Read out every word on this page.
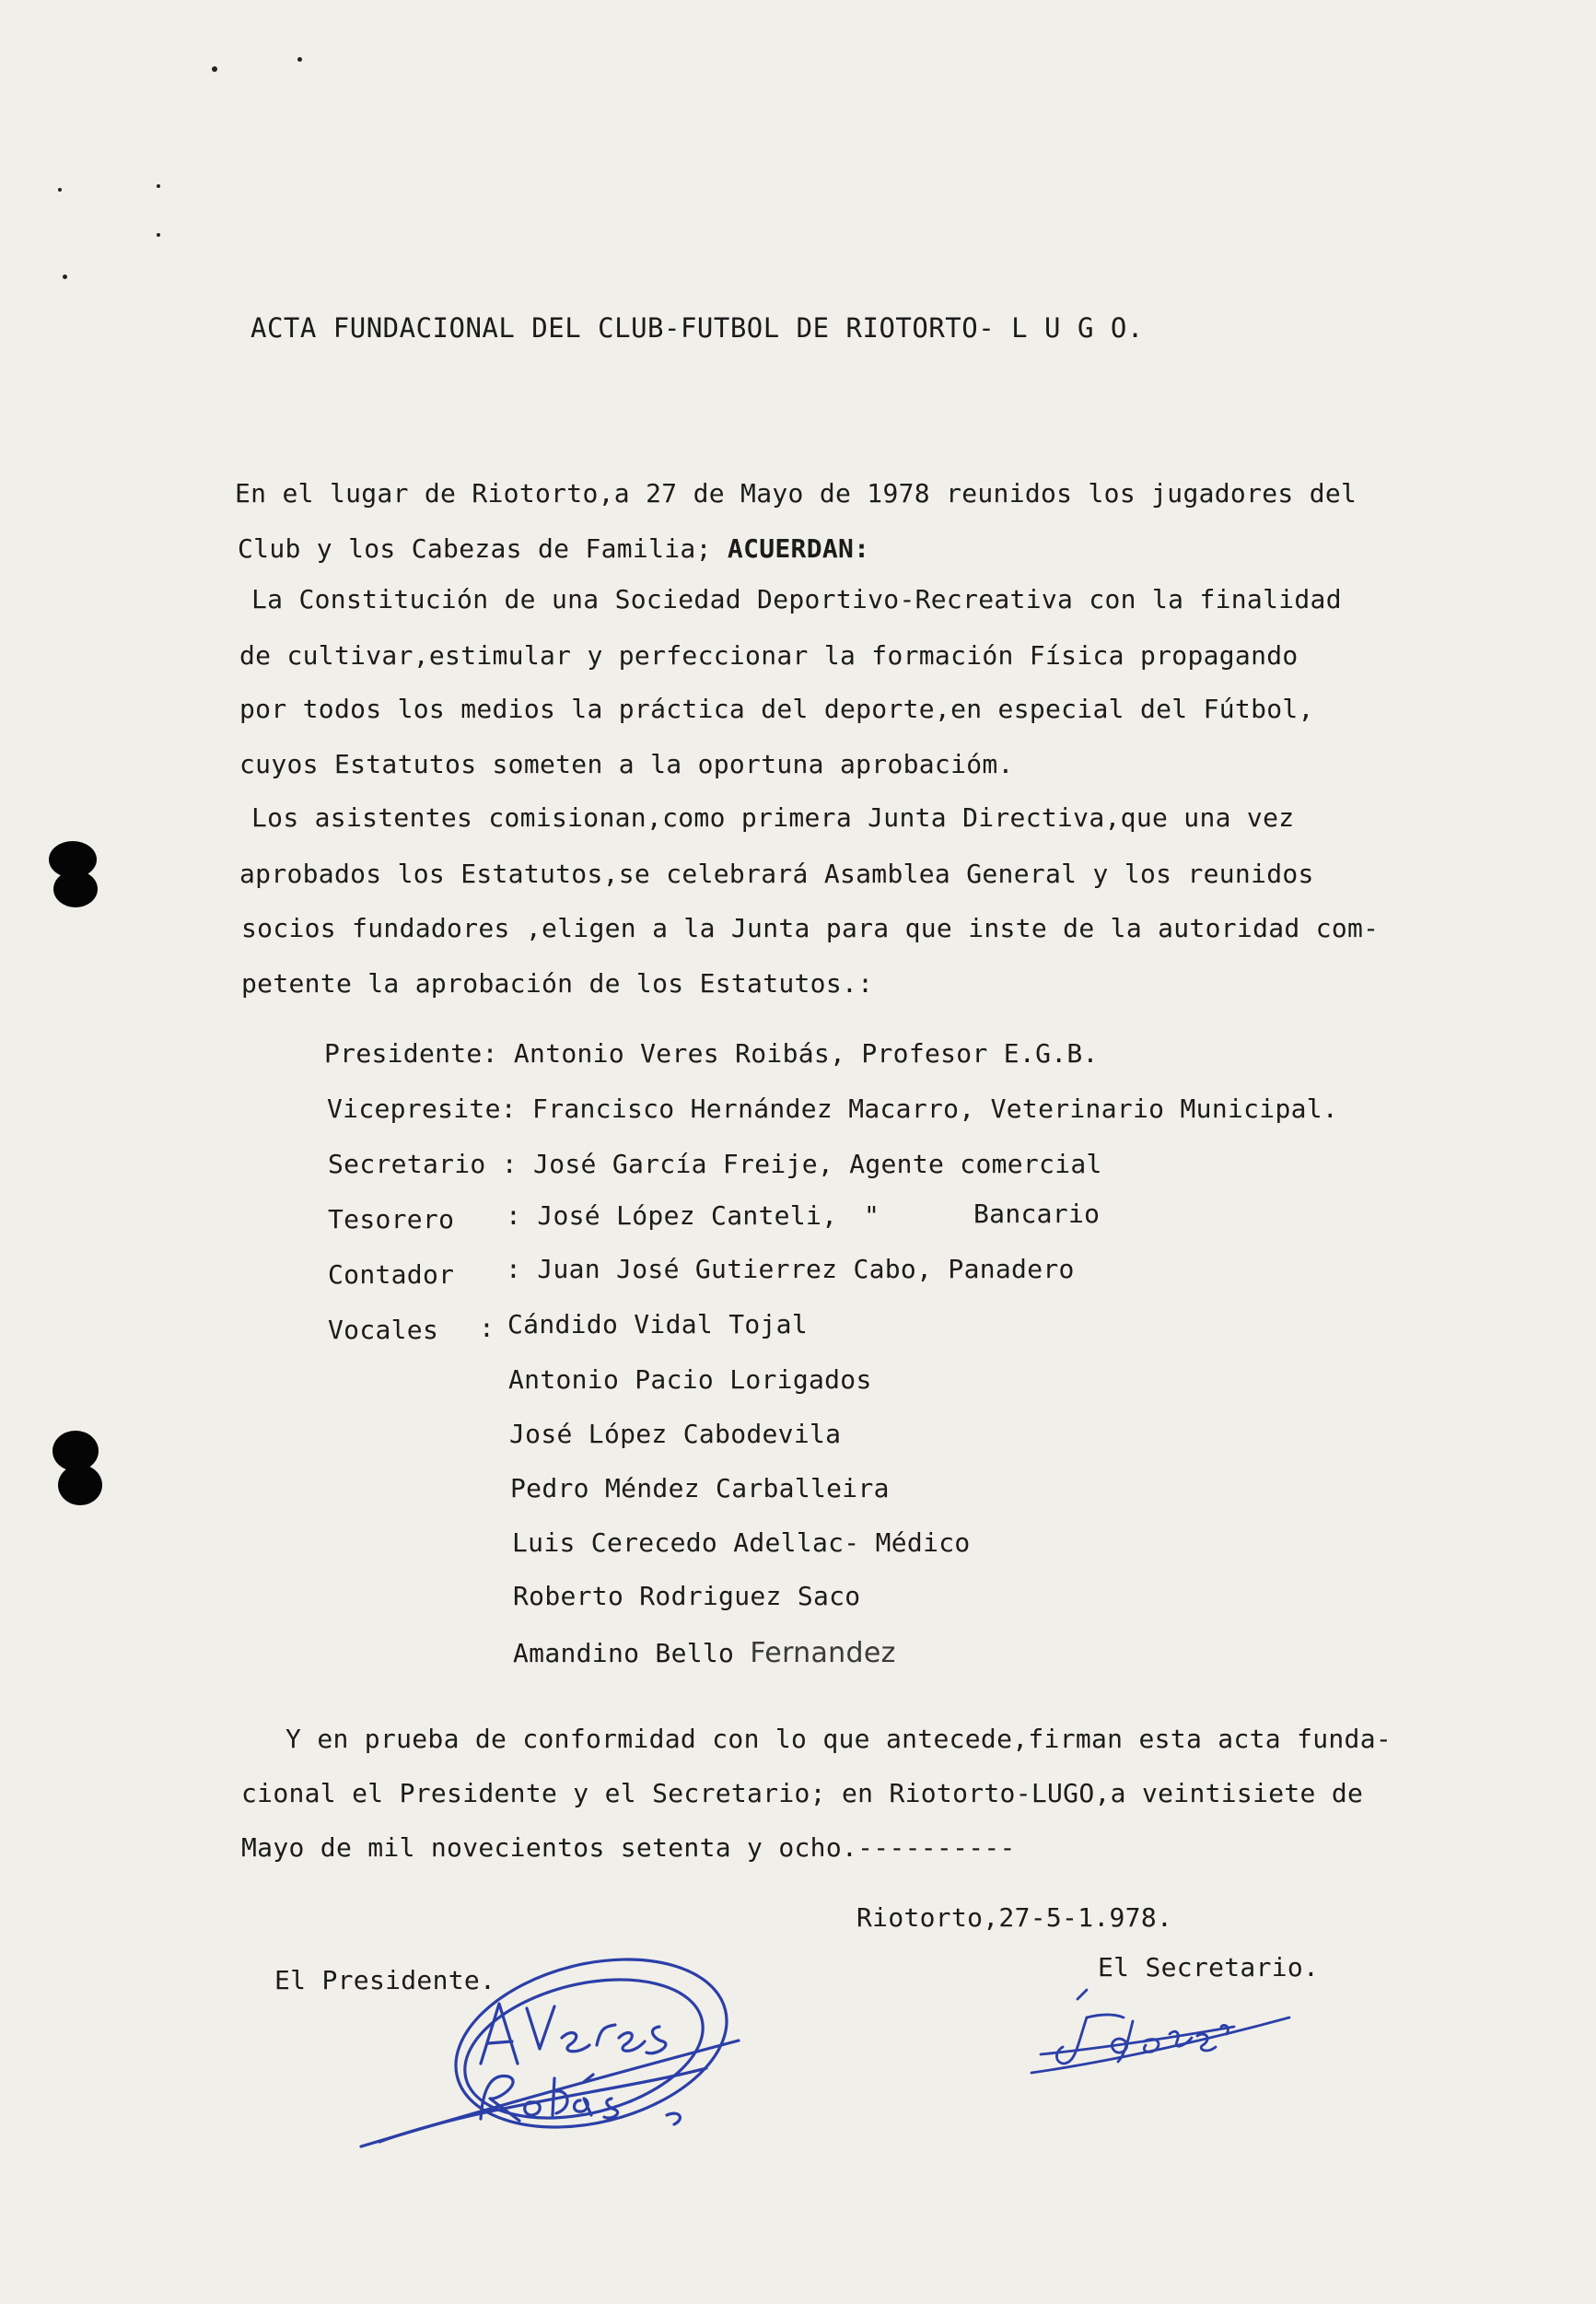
ACTA FUNDACIONAL DEL CLUB-FUTBOL DE RIOTORTO- L U G O.
En el lugar de Riotorto,a 27 de Mayo de 1978 reunidos los jugadores del
Club y los Cabezas de Familia; ACUERDAN:
La Constitución de una Sociedad Deportivo-Recreativa con la finalidad
de cultivar,estimular y perfeccionar la formación Física propagando
por todos los medios la práctica del deporte,en especial del Fútbol,
cuyos Estatutos someten a la oportuna aprobacióm.
Los asistentes comisionan,como primera Junta Directiva,que una vez
aprobados los Estatutos,se celebrará Asamblea General y los reunidos
socios fundadores ,eligen a la Junta para que inste de la autoridad com-
petente la aprobación de los Estatutos.:
Presidente: Antonio Veres Roibás, Profesor E.G.B.
Vicepresite: Francisco Hernández Macarro, Veterinario Municipal.
Secretario : José García Freije, Agente comercial
Tesorero : José López Canteli, "	Bancario
Contador : Juan José Gutierrez Cabo, Panadero
Vocales : Cándido Vidal Tojal
Antonio Pacio Lorigados
José López Cabodevila
Pedro Méndez Carballeira
Luis Cerecedo Adellac- Médico
Roberto Rodriguez Saco
Amandino Bello Fernandez
Y en prueba de conformidad con lo que antecede,firman esta acta funda-
cional el Presidente y el Secretario; en Riotorto-LUGO,a veintisiete de
Mayo de mil novecientos setenta y ocho.----------
Riotorto,27-5-1.978.
El Presidente.	El Secretario.
